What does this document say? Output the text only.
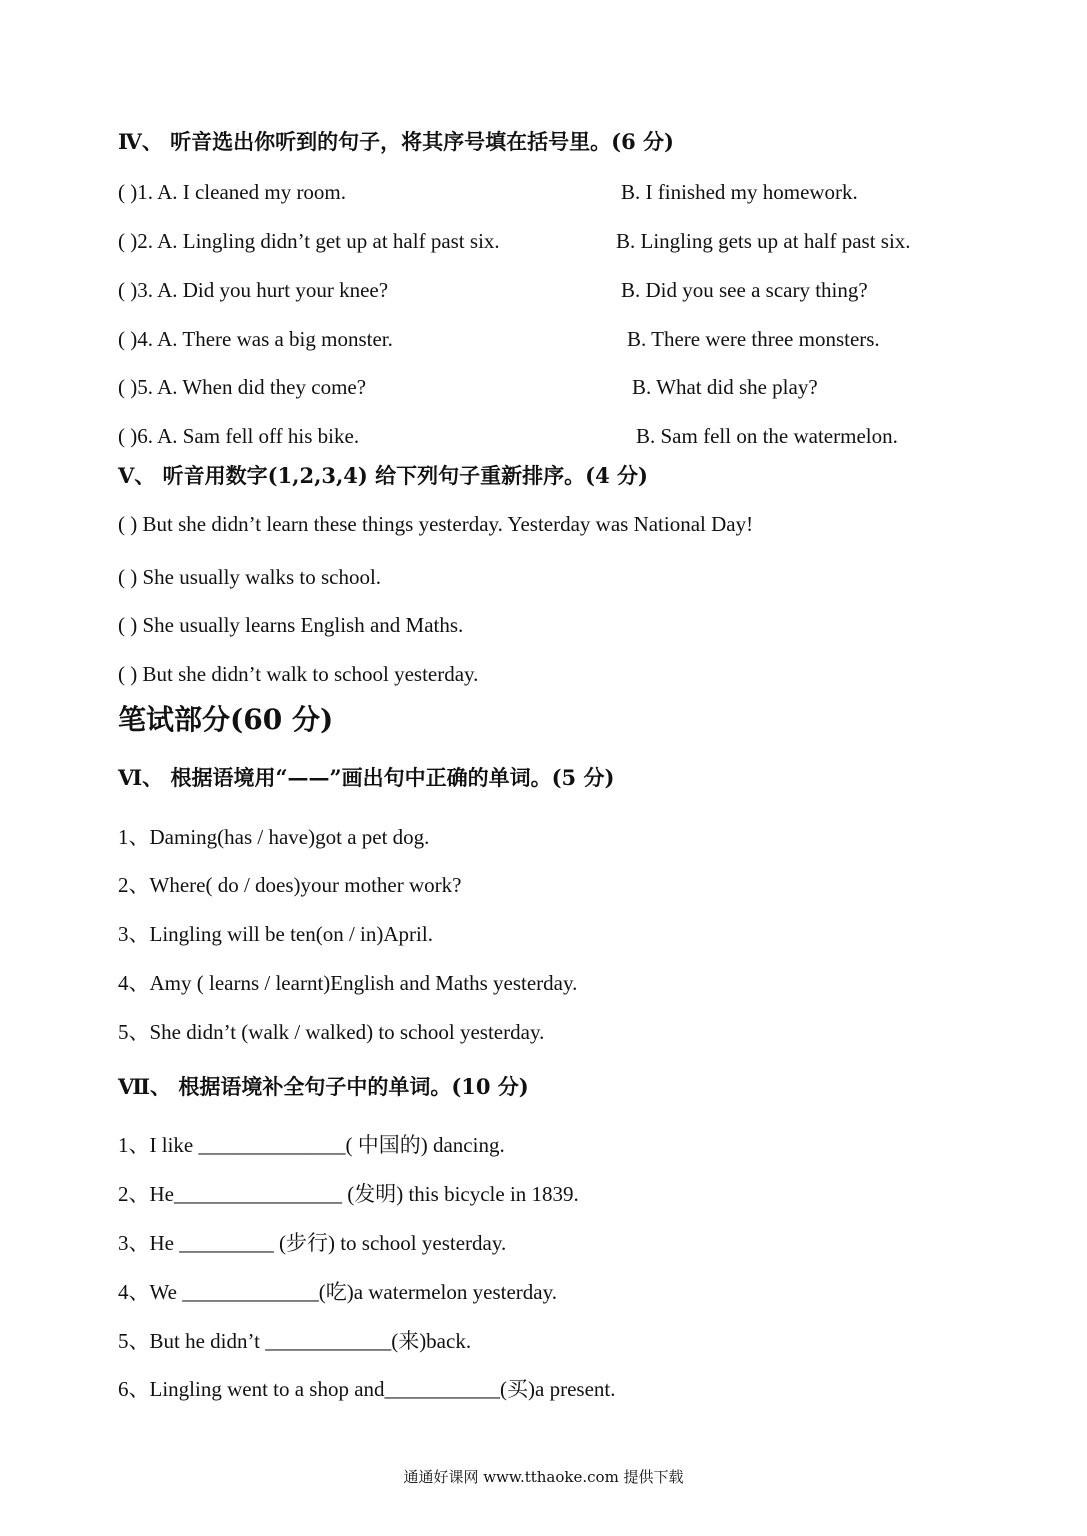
Ⅳ、 听音选出你听到的句子，将其序号填在括号里。(6 分)
( )1. A. I cleaned my room.	B. I finished my homework.
( )2. A. Lingling didn’t get up at half past six.	B. Lingling gets up at half past six.
( )3. A. Did you hurt your knee?	B. Did you see a scary thing?
( )4. A. There was a big monster.	B. There were three monsters.
( )5. A. When did they come?	B. What did she play?
( )6. A. Sam fell off his bike.	B. Sam fell on the watermelon.
Ⅴ、 听音用数字(1,2,3,4) 给下列句子重新排序。(4 分)
( ) But she didn’t learn these things yesterday. Yesterday was National Day!
( ) She usually walks to school.
( ) She usually learns English and Maths.
( ) But she didn’t walk to school yesterday.
笔试部分(60 分)
Ⅵ、 根据语境用“——”画出句中正确的单词。(5 分)
1、Daming(has / have)got a pet dog.
2、Where( do / does)your mother work?
3、Lingling will be ten(on / in)April.
4、Amy ( learns / learnt)English and Maths yesterday.
5、She didn’t (walk / walked) to school yesterday.
Ⅶ、 根据语境补全句子中的单词。(10 分)
1、I like ______________( 中国的) dancing.
2、He________________ (发明) this bicycle in 1839.
3、He _________ (步行) to school yesterday.
4、We _____________(吃)a watermelon yesterday.
5、But he didn’t ____________(来)back.
6、Lingling went to a shop and___________(买)a present.
通通好课网 www.tthaoke.com 提供下载
